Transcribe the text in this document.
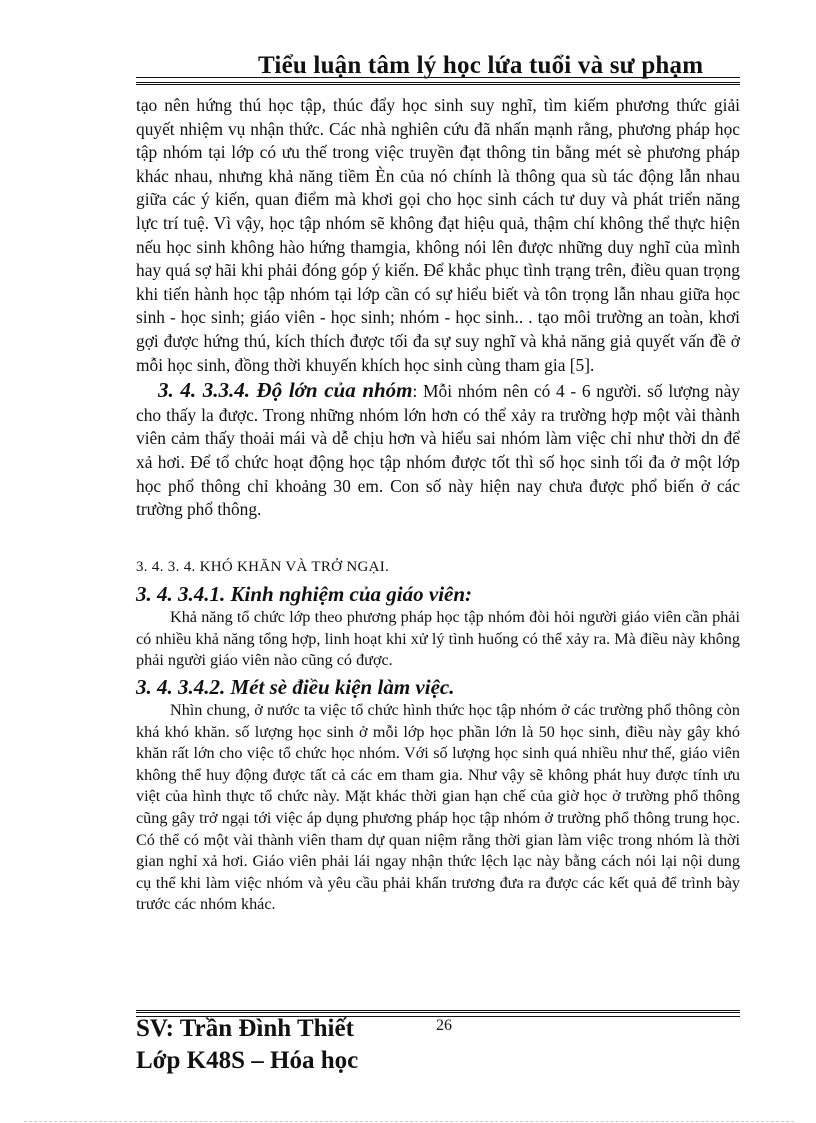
Tiểu luận tâm lý học lứa tuổi và sư phạm

tạo nên hứng thú học tập, thúc đẩy học sinh suy nghĩ, tìm kiếm phương thức giải quyết nhiệm vụ nhận thức. Các nhà nghiên cứu đã nhấn mạnh rằng, phương pháp học tập nhóm tại lớp có ưu thế trong việc truyền đạt thông tin bằng mét sè phương pháp khác nhau, nhưng khả năng tiềm Èn của nó chính là thông qua sù tác động lẫn nhau giữa các ý kiến, quan điểm mà khơi gọi cho học sinh cách tư duy và phát triển năng lực trí tuệ. Vì vậy, học tập nhóm sẽ không đạt hiệu quả, thậm chí không thể thực hiện nếu học sinh không hào hứng thamgia, không nói lên được những duy nghĩ của mình hay quá sợ hãi khi phải đóng góp ý kiến. Để khắc phục tình trạng trên, điều quan trọng khi tiến hành học tập nhóm tại lớp cần có sự hiểu biết và tôn trọng lẫn nhau giữa học sinh - học sinh; giáo viên - học sinh; nhóm - học sinh.. . tạo môi trường an toàn, khơi gợi được hứng thú, kích thích được tối đa sự suy nghĩ và khả năng giả quyết vấn đề ở mỗi học sinh, đồng thời khuyến khích học sinh cùng tham gia [5].

3. 4. 3.3.4. Độ lớn của nhóm: Mỗi nhóm nên có 4 - 6 người. số lượng này cho thấy la được. Trong những nhóm lớn hơn có thể xảy ra trường hợp một vài thành viên cảm thấy thoải mái và dễ chịu hơn và hiểu sai nhóm làm việc chỉ như thời dn để xả hơi. Để tổ chức hoạt động học tập nhóm được tốt thì số học sinh tối đa ở một lớp học phổ thông chỉ khoảng 30 em. Con số này hiện nay chưa được phổ biến ở các trường phổ thông.

3. 4. 3. 4. KHÓ KHĂN VÀ TRỞ NGẠI.

3. 4. 3.4.1. Kinh nghiệm của giáo viên:

Khả năng tổ chức lớp theo phương pháp học tập nhóm đòi hỏi người giáo viên cần phải có nhiều khả năng tổng hợp, linh hoạt khi xử lý tình huống có thể xảy ra. Mà điều này không phải người giáo viên nào cũng có được.

3. 4. 3.4.2. Mét sè điều kiện làm việc.

Nhìn chung, ở nước ta việc tổ chức hình thức học tập nhóm ở các trường phổ thông còn khá khó khăn. số lượng học sinh ở mỗi lớp học phần lớn là 50 học sinh, điều này gây khó khăn rất lớn cho việc tổ chức học nhóm. Với số lượng học sinh quá nhiều như thế, giáo viên không thể huy động được tất cả các em tham gia. Như vậy sẽ không phát huy được tính ưu việt của hình thực tổ chức này. Mặt khác thời gian hạn chế của giờ học ở trường phổ thông cũng gây trở ngại tới việc áp dụng phương pháp học tập nhóm ở trường phổ thông trung học. Có thể có một vài thành viên tham dự quan niệm rằng thời gian làm việc trong nhóm là thời gian nghỉ xả hơi. Giáo viên phải lái ngay nhận thức lệch lạc này bằng cách nói lại nội dung cụ thể khi làm việc nhóm và yêu cầu phải khẩn trương đưa ra được các kết quả để trình bày trước các nhóm khác.

SV: Trần Đình Thiết	26
Lớp K48S – Hóa học
